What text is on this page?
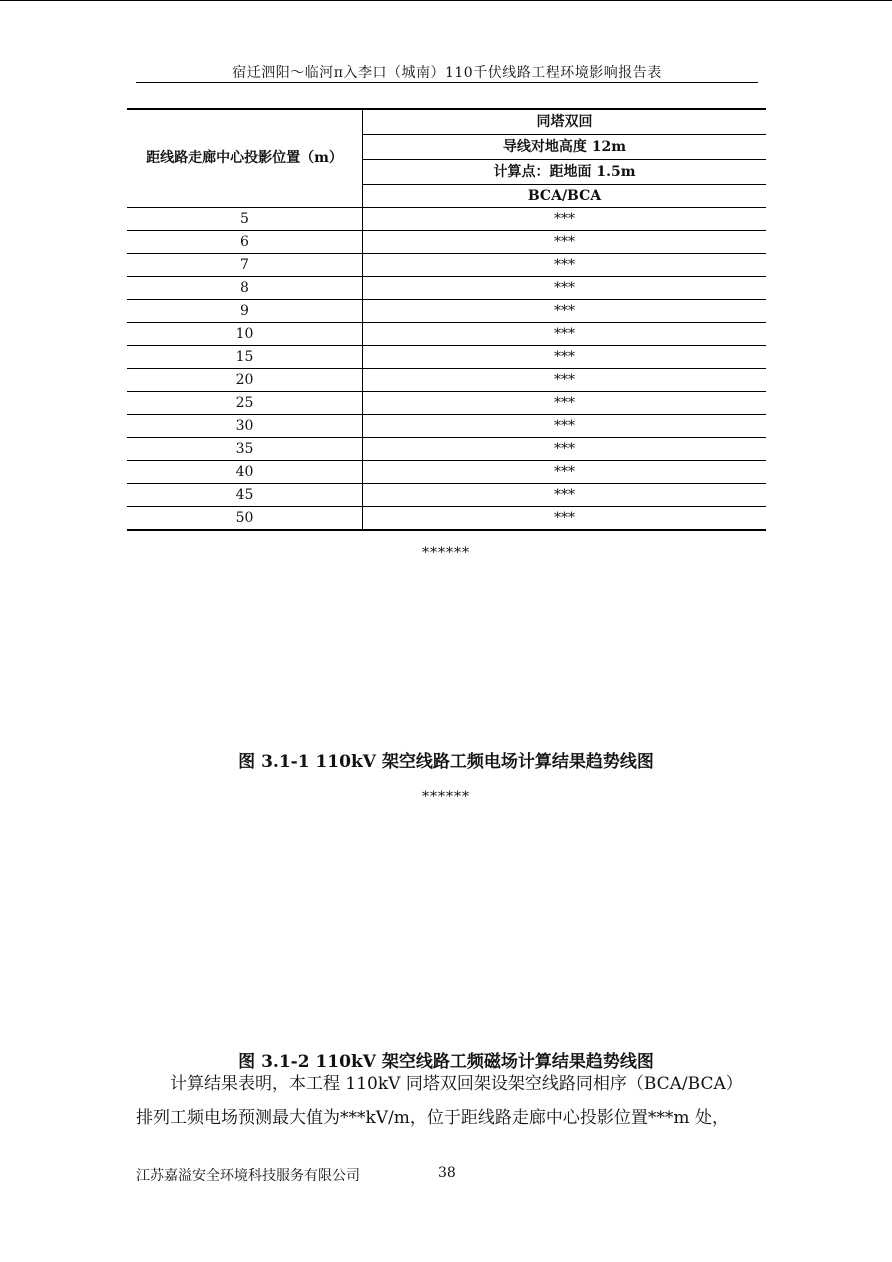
宿迁泗阳～临河π入李口（城南）110千伏线路工程环境影响报告表
距线路走廊中心投影位置（m）	同塔双回
	导线对地高度 12m
	计算点：距地面 1.5m
	BCA/BCA
5	***
6	***
7	***
8	***
9	***
10	***
15	***
20	***
25	***
30	***
35	***
40	***
45	***
50	***
******
图 3.1-1 110kV 架空线路工频电场计算结果趋势线图
******
图 3.1-2 110kV 架空线路工频磁场计算结果趋势线图
计算结果表明，本工程 110kV 同塔双回架设架空线路同相序（BCA/BCA）
排列工频电场预测最大值为***kV/m，位于距线路走廊中心投影位置***m 处，
江苏嘉溢安全环境科技服务有限公司	38
